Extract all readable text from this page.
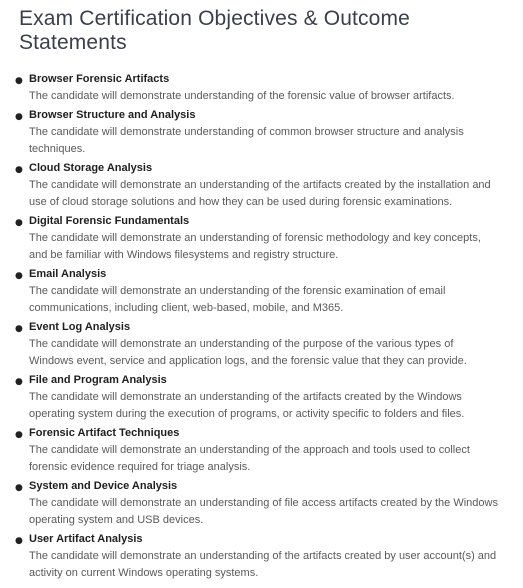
Exam Certification Objectives & Outcome Statements
● Browser Forensic Artifacts
The candidate will demonstrate understanding of the forensic value of browser artifacts.
● Browser Structure and Analysis
The candidate will demonstrate understanding of common browser structure and analysis techniques.
● Cloud Storage Analysis
The candidate will demonstrate an understanding of the artifacts created by the installation and use of cloud storage solutions and how they can be used during forensic examinations.
● Digital Forensic Fundamentals
The candidate will demonstrate an understanding of forensic methodology and key concepts, and be familiar with Windows filesystems and registry structure.
● Email Analysis
The candidate will demonstrate an understanding of the forensic examination of email communications, including client, web-based, mobile, and M365.
● Event Log Analysis
The candidate will demonstrate an understanding of the purpose of the various types of Windows event, service and application logs, and the forensic value that they can provide.
● File and Program Analysis
The candidate will demonstrate an understanding of the artifacts created by the Windows operating system during the execution of programs, or activity specific to folders and files.
● Forensic Artifact Techniques
The candidate will demonstrate an understanding of the approach and tools used to collect forensic evidence required for triage analysis.
● System and Device Analysis
The candidate will demonstrate an understanding of file access artifacts created by the Windows operating system and USB devices.
● User Artifact Analysis
The candidate will demonstrate an understanding of the artifacts created by user account(s) and activity on current Windows operating systems.
